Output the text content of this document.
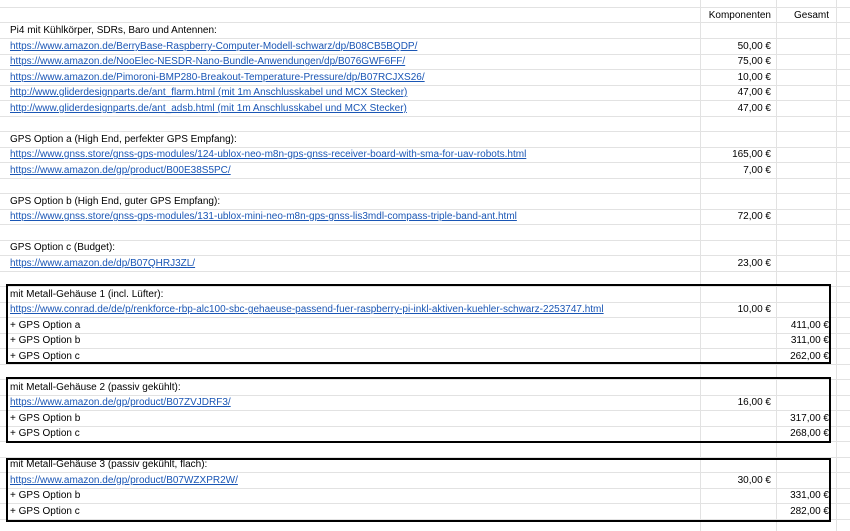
Komponenten Gesamt
Pi4 mit Kühlkörper, SDRs, Baro und Antennen:
https://www.amazon.de/BerryBase-Raspberry-Computer-Modell-schwarz/dp/B08CB5BQDP/	50,00 €
https://www.amazon.de/NooElec-NESDR-Nano-Bundle-Anwendungen/dp/B076GWF6FF/	75,00 €
https://www.amazon.de/Pimoroni-BMP280-Breakout-Temperature-Pressure/dp/B07RCJXS26/	10,00 €
http://www.gliderdesignparts.de/ant_flarm.html (mit 1m Anschlusskabel und MCX Stecker)	47,00 €
http://www.gliderdesignparts.de/ant_adsb.html (mit 1m Anschlusskabel und MCX Stecker)	47,00 €
GPS Option a (High End, perfekter GPS Empfang):
https://www.gnss.store/gnss-gps-modules/124-ublox-neo-m8n-gps-gnss-receiver-board-with-sma-for-uav-robots.html	165,00 €
https://www.amazon.de/gp/product/B00E38S5PC/	7,00 €
GPS Option b (High End, guter GPS Empfang):
https://www.gnss.store/gnss-gps-modules/131-ublox-mini-neo-m8n-gps-gnss-lis3mdl-compass-triple-band-ant.html	72,00 €
GPS Option c (Budget):
https://www.amazon.de/dp/B07QHRJ3ZL/	23,00 €
mit Metall-Gehäuse 1 (incl. Lüfter):
https://www.conrad.de/de/p/renkforce-rbp-alc100-sbc-gehaeuse-passend-fuer-raspberry-pi-inkl-aktiven-kuehler-schwarz-2253747.html	10,00 €
+ GPS Option a	411,00 €
+ GPS Option b	311,00 €
+ GPS Option c	262,00 €
mit Metall-Gehäuse 2 (passiv gekühlt):
https://www.amazon.de/gp/product/B07ZVJDRF3/	16,00 €
+ GPS Option b	317,00 €
+ GPS Option c	268,00 €
mit Metall-Gehäuse 3 (passiv gekühlt, flach):
https://www.amazon.de/gp/product/B07WZXPR2W/	30,00 €
+ GPS Option b	331,00 €
+ GPS Option c	282,00 €
